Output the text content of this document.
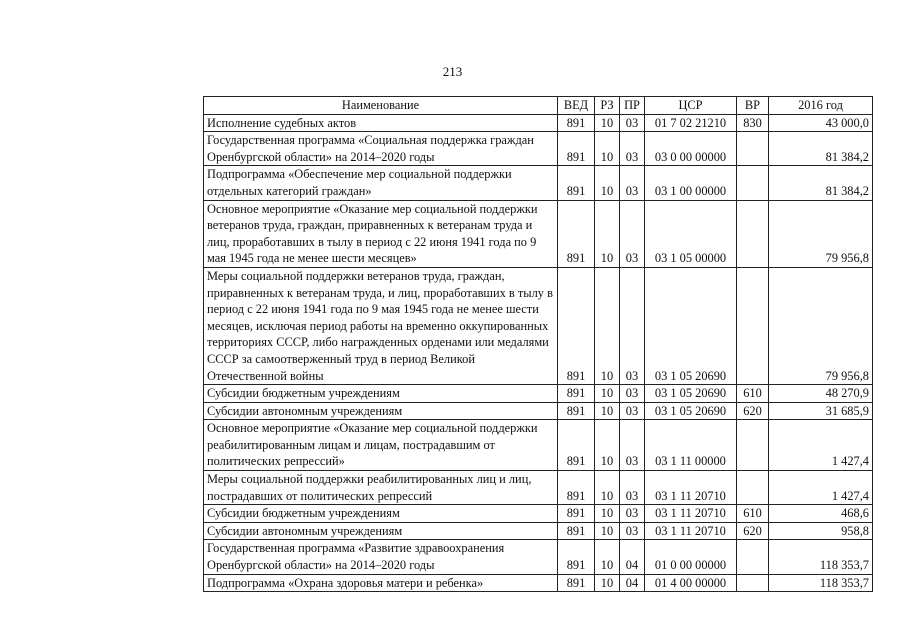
213
Наименование	ВЕД	РЗ	ПР	ЦСР	ВР	2016 год
Исполнение судебных актов	891	10	03	01 7 02 21210	830	43 000,0
Государственная программа «Социальная поддержка граждан Оренбургской области» на 2014–2020 годы	891	10	03	03 0 00 00000		81 384,2
Подпрограмма «Обеспечение мер социальной поддержки отдельных категорий граждан»	891	10	03	03 1 00 00000		81 384,2
Основное мероприятие «Оказание мер социальной поддержки ветеранов труда, граждан, приравненных к ветеранам труда и лиц, проработавших в тылу в период с 22 июня 1941 года по 9 мая 1945 года не менее шести месяцев»	891	10	03	03 1 05 00000		79 956,8
Меры социальной поддержки ветеранов труда, граждан, приравненных к ветеранам труда, и лиц, проработавших в тылу в период с 22 июня 1941 года по 9 мая 1945 года не менее шести месяцев, исключая период работы на временно оккупированных территориях СССР, либо награжденных орденами или медалями СССР за самоотверженный труд в период Великой Отечественной войны	891	10	03	03 1 05 20690		79 956,8
Субсидии бюджетным учреждениям	891	10	03	03 1 05 20690	610	48 270,9
Субсидии автономным учреждениям	891	10	03	03 1 05 20690	620	31 685,9
Основное мероприятие «Оказание мер социальной поддержки реабилитированным лицам и лицам, пострадавшим от политических репрессий»	891	10	03	03 1 11 00000		1 427,4
Меры социальной поддержки реабилитированных лиц и лиц, пострадавших от политических репрессий	891	10	03	03 1 11 20710		1 427,4
Субсидии бюджетным учреждениям	891	10	03	03 1 11 20710	610	468,6
Субсидии автономным учреждениям	891	10	03	03 1 11 20710	620	958,8
Государственная программа «Развитие здравоохранения Оренбургской области» на 2014–2020 годы	891	10	04	01 0 00 00000		118 353,7
Подпрограмма «Охрана здоровья матери и ребенка»	891	10	04	01 4 00 00000		118 353,7
